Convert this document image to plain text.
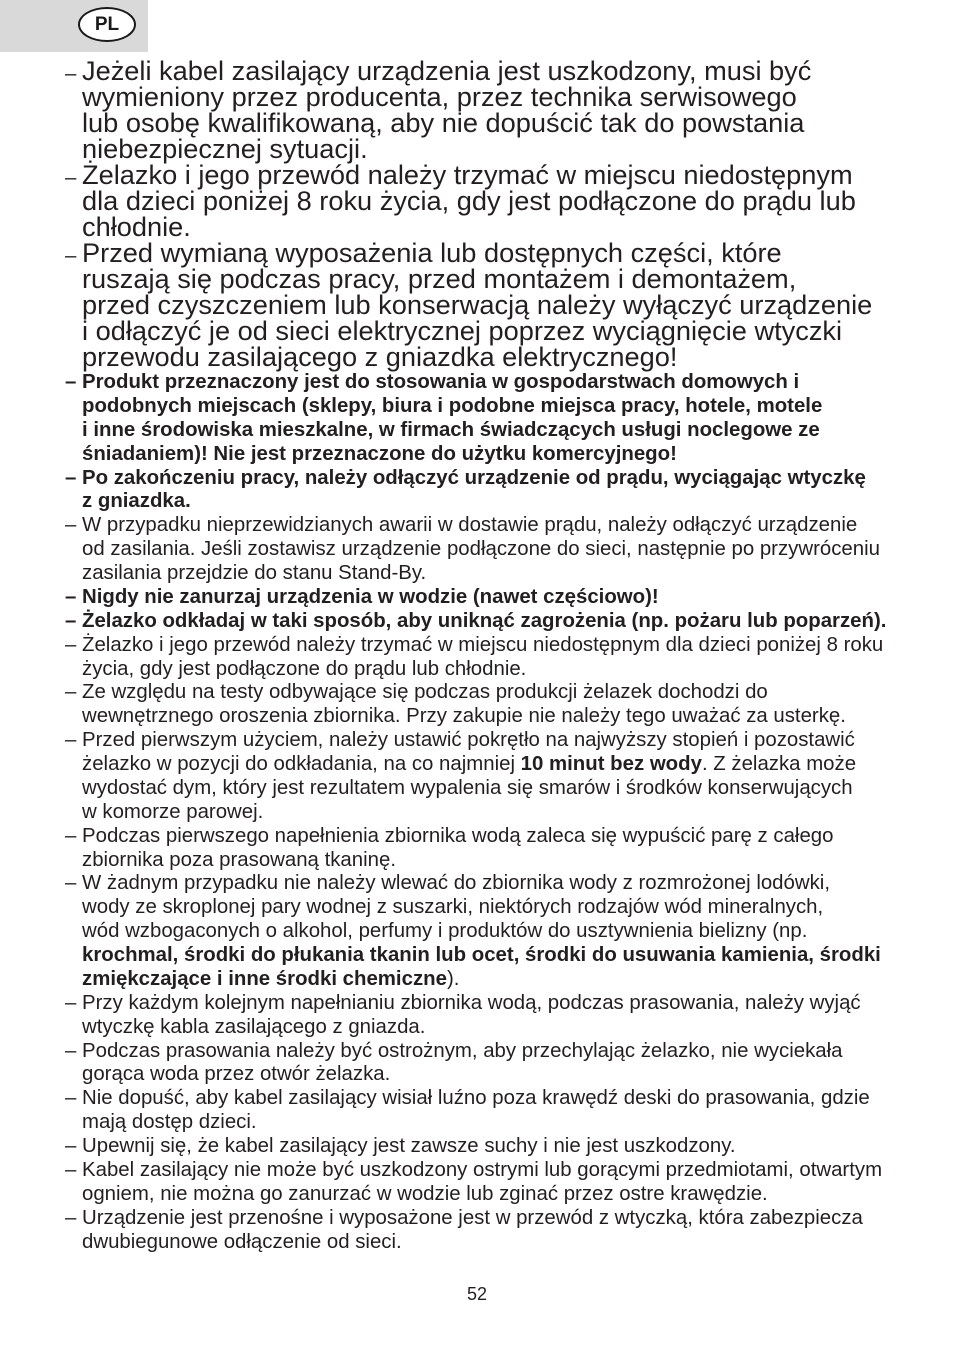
PL
– Jeżeli kabel zasilający urządzenia jest uszkodzony, musi być
wymieniony przez producenta, przez technika serwisowego
lub osobę kwalifikowaną, aby nie dopuścić tak do powstania
niebezpiecznej sytuacji.
– Żelazko i jego przewód należy trzymać w miejscu niedostępnym
dla dzieci poniżej 8 roku życia, gdy jest podłączone do prądu lub
chłodnie.
– Przed wymianą wyposażenia lub dostępnych części, które
ruszają się podczas pracy, przed montażem i demontażem,
przed czyszczeniem lub konserwacją należy wyłączyć urządzenie
i odłączyć je od sieci elektrycznej poprzez wyciągnięcie wtyczki
przewodu zasilającego z gniazdka elektrycznego!
– Produkt przeznaczony jest do stosowania w gospodarstwach domowych i
podobnych miejscach (sklepy, biura i podobne miejsca pracy, hotele, motele
i inne środowiska mieszkalne, w firmach świadczących usługi noclegowe ze
śniadaniem)! Nie jest przeznaczone do użytku komercyjnego!
– Po zakończeniu pracy, należy odłączyć urządzenie od prądu, wyciągając wtyczkę
z gniazdka.
– W przypadku nieprzewidzianych awarii w dostawie prądu, należy odłączyć urządzenie
od zasilania. Jeśli zostawisz urządzenie podłączone do sieci, następnie po przywróceniu
zasilania przejdzie do stanu Stand-By.
– Nigdy nie zanurzaj urządzenia w wodzie (nawet częściowo)!
– Żelazko odkładaj w taki sposób, aby uniknąć zagrożenia (np. pożaru lub poparzeń).
– Żelazko i jego przewód należy trzymać w miejscu niedostępnym dla dzieci poniżej 8 roku
życia, gdy jest podłączone do prądu lub chłodnie.
– Ze względu na testy odbywające się podczas produkcji żelazek dochodzi do
wewnętrznego oroszenia zbiornika. Przy zakupie nie należy tego uważać za usterkę.
– Przed pierwszym użyciem, należy ustawić pokrętło na najwyższy stopień i pozostawić
żelazko w pozycji do odkładania, na co najmniej 10 minut bez wody. Z żelazka może
wydostać dym, który jest rezultatem wypalenia się smarów i środków konserwujących
w komorze parowej.
– Podczas pierwszego napełnienia zbiornika wodą zaleca się wypuścić parę z całego
zbiornika poza prasowaną tkaninę.
– W żadnym przypadku nie należy wlewać do zbiornika wody z rozmrożonej lodówki,
wody ze skroplonej pary wodnej z suszarki, niektórych rodzajów wód mineralnych,
wód wzbogaconych o alkohol, perfumy i produktów do usztywnienia bielizny (np.
krochmal, środki do płukania tkanin lub ocet, środki do usuwania kamienia, środki
zmiękczające i inne środki chemiczne).
– Przy każdym kolejnym napełnianiu zbiornika wodą, podczas prasowania, należy wyjąć
wtyczkę kabla zasilającego z gniazda.
– Podczas prasowania należy być ostrożnym, aby przechylając żelazko, nie wyciekała
gorąca woda przez otwór żelazka.
– Nie dopuść, aby kabel zasilający wisiał luźno poza krawędź deski do prasowania, gdzie
mają dostęp dzieci.
– Upewnij się, że kabel zasilający jest zawsze suchy i nie jest uszkodzony.
– Kabel zasilający nie może być uszkodzony ostrymi lub gorącymi przedmiotami, otwartym
ogniem, nie można go zanurzać w wodzie lub zginać przez ostre krawędzie.
– Urządzenie jest przenośne i wyposażone jest w przewód z wtyczką, która zabezpiecza
dwubiegunowe odłączenie od sieci.
52
